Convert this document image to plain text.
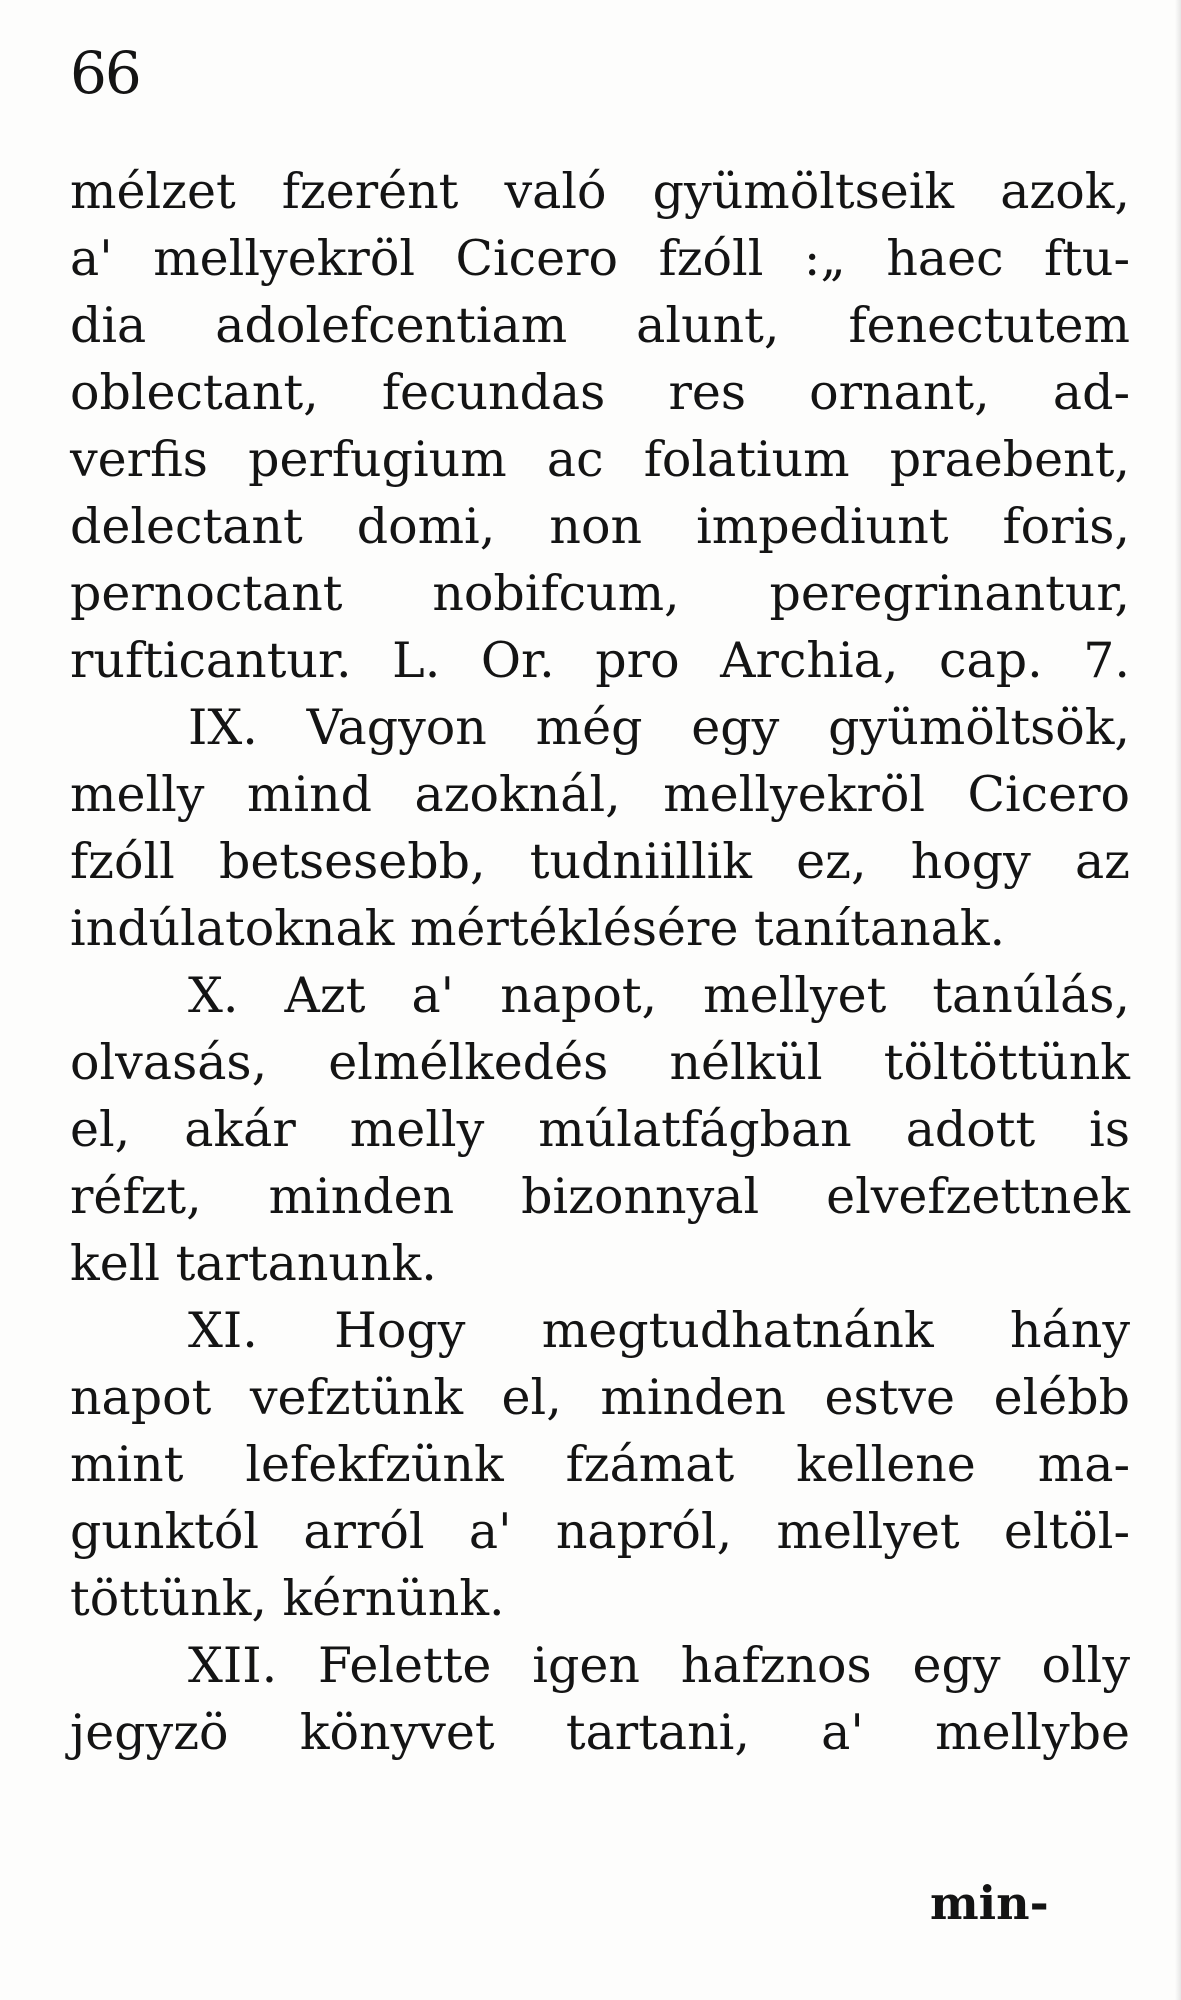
66
mélzet fzerént való gyümöltseik azok,
a' mellyekröl Cicero fzóll :„ haec ftu-
dia adolefcentiam alunt, fenectutem
oblectant, fecundas res ornant, ad-
verfis perfugium ac folatium praebent,
delectant domi, non impediunt foris,
pernoctant nobifcum, peregrinantur,
rufticantur. L. Or. pro Archia, cap. 7.
IX. Vagyon még egy gyümöltsök,
melly mind azoknál, mellyekröl Cicero
fzóll betsesebb, tudniillik ez, hogy az
indúlatoknak mértéklésére tanítanak.
X. Azt a' napot, mellyet tanúlás,
olvasás, elmélkedés nélkül töltöttünk
el, akár melly múlatfágban adott is
réfzt, minden bizonnyal elvefzettnek
kell tartanunk.
XI. Hogy megtudhatnánk hány
napot vefztünk el, minden estve elébb
mint lefekfzünk fzámat kellene ma-
gunktól arról a' napról, mellyet eltöl-
töttünk, kérnünk.
XII. Felette igen hafznos egy olly
jegyzö könyvet tartani, a' mellybe
min-
